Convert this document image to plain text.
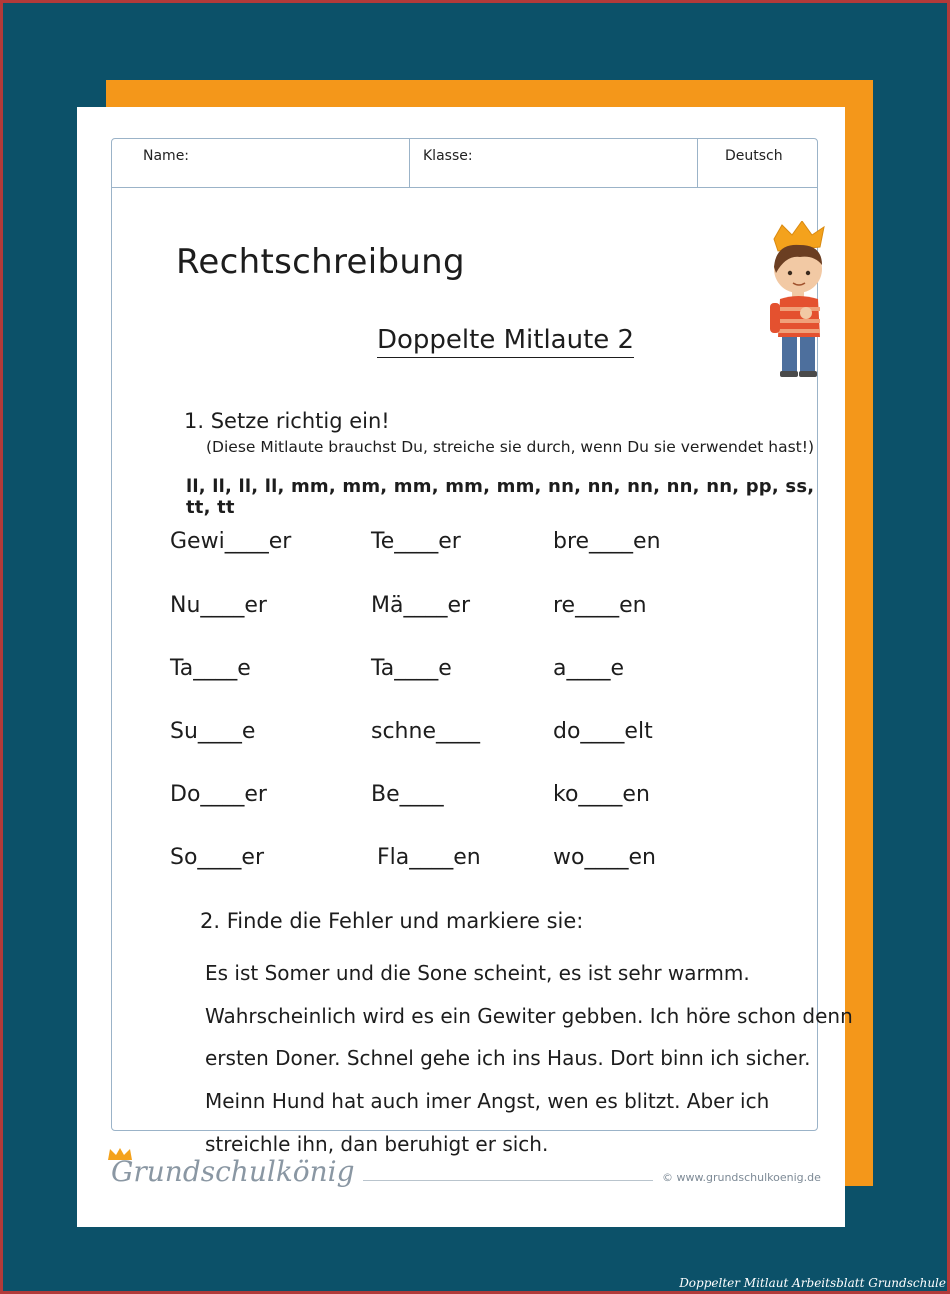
Name:	Klasse:	Deutsch
Rechtschreibung
Doppelte Mitlaute 2
1. Setze richtig ein!
(Diese Mitlaute brauchst Du, streiche sie durch, wenn Du sie verwendet hast!)
ll, ll, ll, ll, mm, mm, mm, mm, mm, nn, nn, nn, nn, nn, pp, ss, tt, tt
Gewi____er	Te____er	bre____en
Nu____er	Mä____er	re____en
Ta____e	Ta____e	a____e
Su____e	schne____	do____elt
Do____er	Be____	ko____en
So____er	Fla____en	wo____en
2. Finde die Fehler und markiere sie:
Es ist Somer und die Sone scheint, es ist sehr warmm.
Wahrscheinlich wird es ein Gewiter gebben. Ich höre schon denn
ersten Doner. Schnel gehe ich ins Haus. Dort binn ich sicher.
Meinn Hund hat auch imer Angst, wen es blitzt. Aber ich
streichle ihn, dan beruhigt er sich.
Grundschulkönig	© www.grundschulkoenig.de
Doppelter Mitlaut Arbeitsblatt Grundschule
